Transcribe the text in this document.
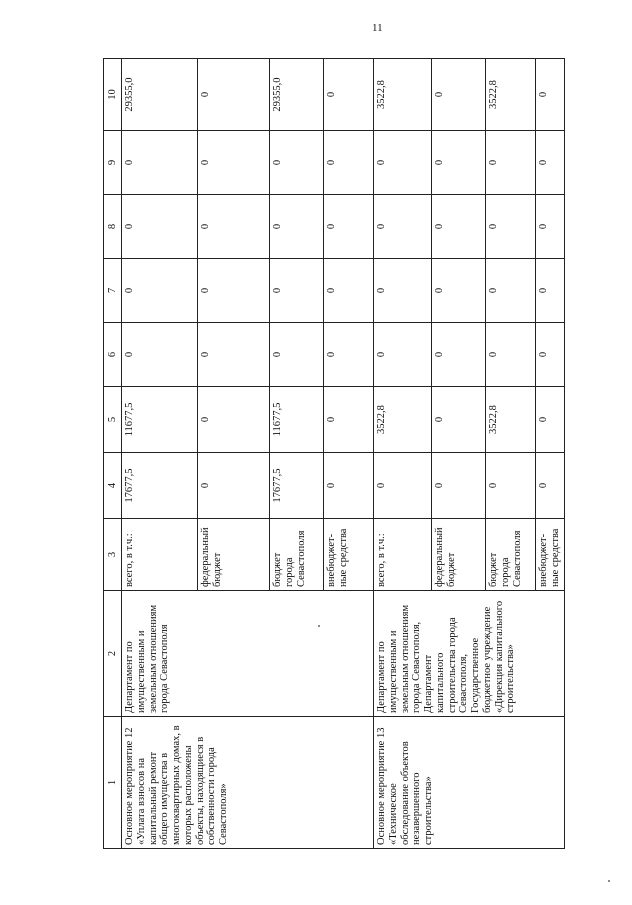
11
1	2	3	4	5	6	7	8	9	10
Основное мероприятие 12 «Уплата взносов на капитальный ремонт общего имущества в многоквартирных домах, в которых расположены объекты, находящиеся в собственности города Севастополя»	Департамент по имущественным и земельным отношениям города Севастополя	всего, в т.ч.:	17677,5	11677,5	0	0	0	0	29355,0
		федеральный бюджет	0	0	0	0	0	0	0
		бюджет города Севастополя	17677,5	11677,5	0	0	0	0	29355,0
		внебюджет-ные средства	0	0	0	0	0	0	0
Основное мероприятие 13 «Техническое обследование объектов незавершенного строительства»	Департамент по имущественным и земельным отношениям города Севастополя, Департамент капитального строительства города Севастополя, Государственное бюджетное учреждение «Дирекция капитального строительства»	всего, в т.ч.:	0	3522,8	0	0	0	0	3522,8
		федеральный бюджет	0	0	0	0	0	0	0
		бюджет города Севастополя	0	3522,8	0	0	0	0	3522,8
		внебюджет-ные средства	0	0	0	0	0	0	0
